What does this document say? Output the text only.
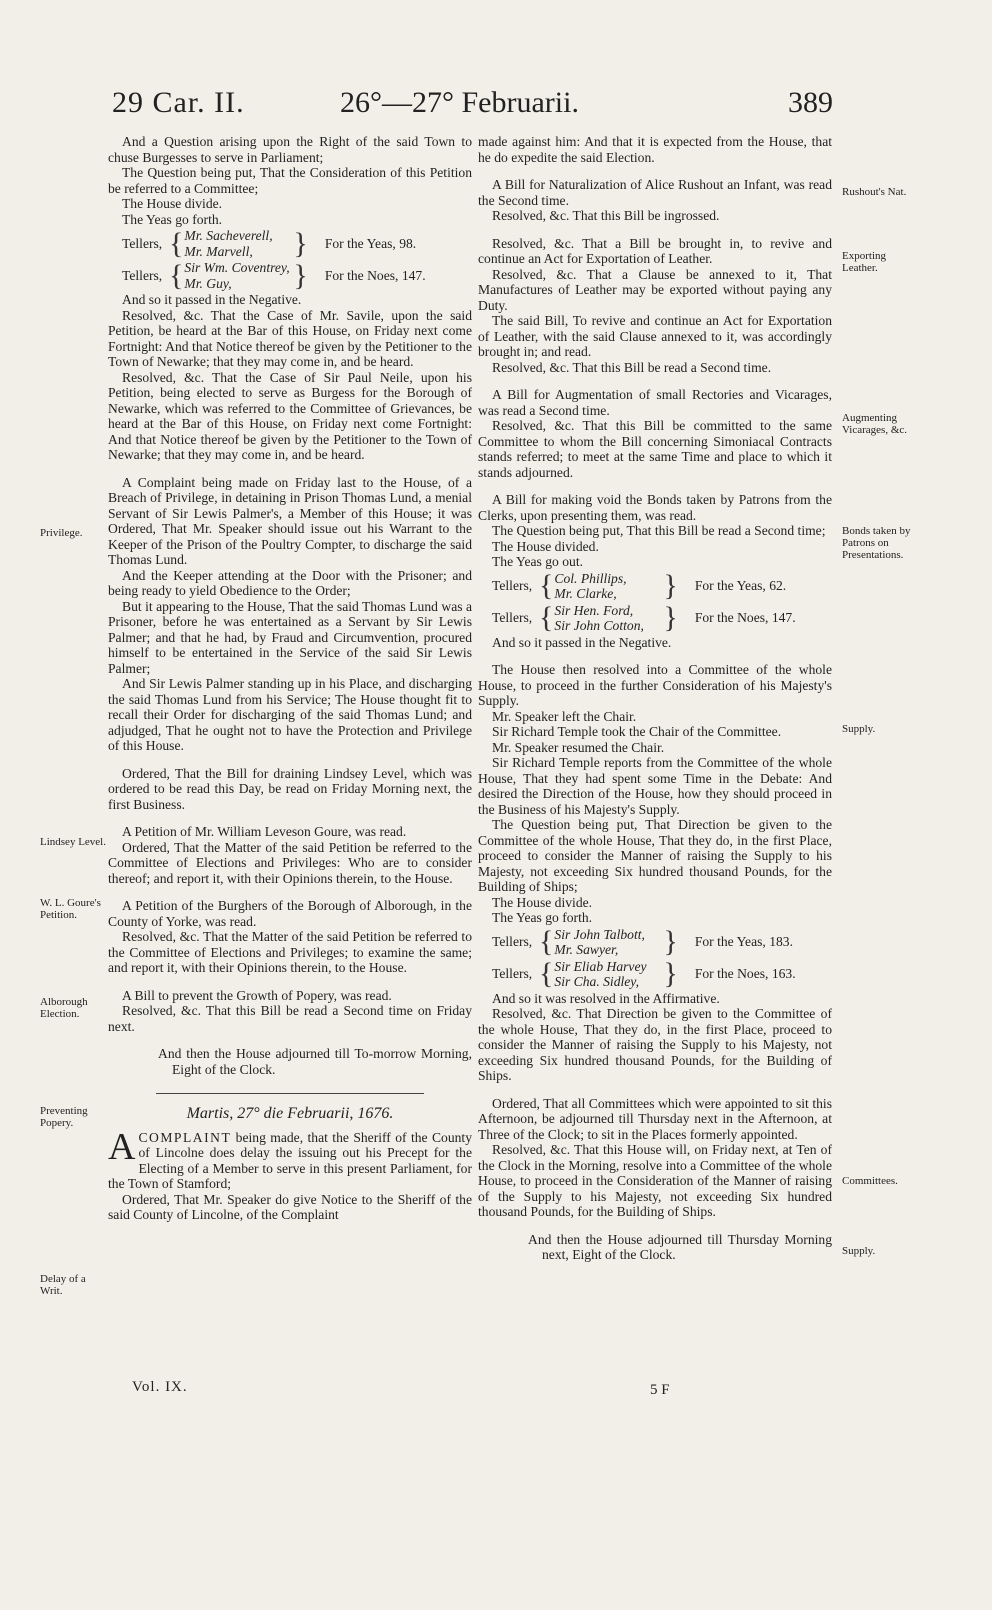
29 Car. II.	26°—27° Februarii.	389

And a Question arising upon the Right of the said Town to chuse Burgesses to serve in Parliament;

The Question being put, That the Consideration of this Petition be referred to a Committee;

The House divide.

The Yeas go forth.

Tellers, { Mr. Sacheverell,
Mr. Marvell,	} For the Yeas, 98.
Tellers, { Sir Wm. Coventrey,
Mr. Guy,	} For the Noes, 147.

And so it passed in the Negative.

Resolved, &c. That the Case of Mr. Savile, upon the said Petition, be heard at the Bar of this House, on Friday next come Fortnight: And that Notice thereof be given by the Petitioner to the Town of Newarke; that they may come in, and be heard.

Resolved, &c. That the Case of Sir Paul Neile, upon his Petition, being elected to serve as Burgess for the Borough of Newarke, which was referred to the Committee of Grievances, be heard at the Bar of this House, on Friday next come Fortnight: And that Notice thereof be given by the Petitioner to the Town of Newarke; that they may come in, and be heard.

A Complaint being made on Friday last to the House, of a Breach of Privilege, in detaining in Prison Thomas Lund, a menial Servant of Sir Lewis Palmer's, a Member of this House; it was Ordered, That Mr. Speaker should issue out his Warrant to the Keeper of the Prison of the Poultry Compter, to discharge the said Thomas Lund.

And the Keeper attending at the Door with the Prisoner; and being ready to yield Obedience to the Order;

But it appearing to the House, That the said Thomas Lund was a Prisoner, before he was entertained as a Servant by Sir Lewis Palmer; and that he had, by Fraud and Circumvention, procured himself to be entertained in the Service of the said Sir Lewis Palmer;

And Sir Lewis Palmer standing up in his Place, and discharging the said Thomas Lund from his Service; The House thought fit to recall their Order for discharging of the said Thomas Lund; and adjudged, That he ought not to have the Protection and Privilege of this House.

Ordered, That the Bill for draining Lindsey Level, which was ordered to be read this Day, be read on Friday Morning next, the first Business.

A Petition of Mr. William Leveson Goure, was read.

Ordered, That the Matter of the said Petition be referred to the Committee of Elections and Privileges: Who are to consider thereof; and report it, with their Opinions therein, to the House.

A Petition of the Burghers of the Borough of Alborough, in the County of Yorke, was read.

Resolved, &c. That the Matter of the said Petition be referred to the Committee of Elections and Privileges; to examine the same; and report it, with their Opinions therein, to the House.

A Bill to prevent the Growth of Popery, was read.

Resolved, &c. That this Bill be read a Second time on Friday next.

And then the House adjourned till To-morrow Morning, Eight of the Clock.

Martis, 27° die Februarii, 1676.

ACOMPLAINT being made, that the Sheriff of the County of Lincolne does delay the issuing out his Precept for the Electing of a Member to serve in this present Parliament, for the Town of Stamford;

Ordered, That Mr. Speaker do give Notice to the Sheriff of the said County of Lincolne, of the Complaint

made against him: And that it is expected from the House, that he do expedite the said Election.

A Bill for Naturalization of Alice Rushout an Infant, was read the Second time.

Resolved, &c. That this Bill be ingrossed.

Resolved, &c. That a Bill be brought in, to revive and continue an Act for Exportation of Leather.

Resolved, &c. That a Clause be annexed to it, That Manufactures of Leather may be exported without paying any Duty.

The said Bill, To revive and continue an Act for Exportation of Leather, with the said Clause annexed to it, was accordingly brought in; and read.

Resolved, &c. That this Bill be read a Second time.

A Bill for Augmentation of small Rectories and Vicarages, was read a Second time.

Resolved, &c. That this Bill be committed to the same Committee to whom the Bill concerning Simoniacal Contracts stands referred; to meet at the same Time and place to which it stands adjourned.

A Bill for making void the Bonds taken by Patrons from the Clerks, upon presenting them, was read.

The Question being put, That this Bill be read a Second time;

The House divided.

The Yeas go out.

Tellers, { Col. Phillips,
Mr. Clarke,	} For the Yeas, 62.
Tellers, { Sir Hen. Ford,
Sir John Cotton, } For the Noes, 147.

And so it passed in the Negative.

The House then resolved into a Committee of the whole House, to proceed in the further Consideration of his Majesty's Supply.

Mr. Speaker left the Chair.

Sir Richard Temple took the Chair of the Committee.

Mr. Speaker resumed the Chair.

Sir Richard Temple reports from the Committee of the whole House, That they had spent some Time in the Debate: And desired the Direction of the House, how they should proceed in the Business of his Majesty's Supply.

The Question being put, That Direction be given to the Committee of the whole House, That they do, in the first Place, proceed to consider the Manner of raising the Supply to his Majesty, not exceeding Six hundred thousand Pounds, for the Building of Ships;

The House divide.

The Yeas go forth.

Tellers, { Sir John Talbott,
Mr. Sawyer,	} For the Yeas, 183.
Tellers, { Sir Eliab Harvey
Sir Cha. Sidley, } For the Noes, 163.

And so it was resolved in the Affirmative.

Resolved, &c. That Direction be given to the Committee of the whole House, That they do, in the first Place, proceed to consider the Manner of raising the Supply to his Majesty, not exceeding Six hundred thousand Pounds, for the Building of Ships.

Ordered, That all Committees which were appointed to sit this Afternoon, be adjourned till Thursday next in the Afternoon, at Three of the Clock; to sit in the Places formerly appointed.

Resolved, &c. That this House will, on Friday next, at Ten of the Clock in the Morning, resolve into a Committee of the whole House, to proceed in the Consideration of the Manner of raising of the Supply to his Majesty, not exceeding Six hundred thousand Pounds, for the Building of Ships.

And then the House adjourned till Thursday Morning next, Eight of the Clock.

Privilege.
Lindsey Level.
W. L. Goure's Petition.
Alborough Election.
Preventing Popery.
Delay of a Writ.
Rushout's Nat.
Exporting Leather.
Augmenting Vicarages, &c.
Bonds taken by Patrons on Presentations.
Supply.
Committees.
Supply.
Vol. IX.	5 F
